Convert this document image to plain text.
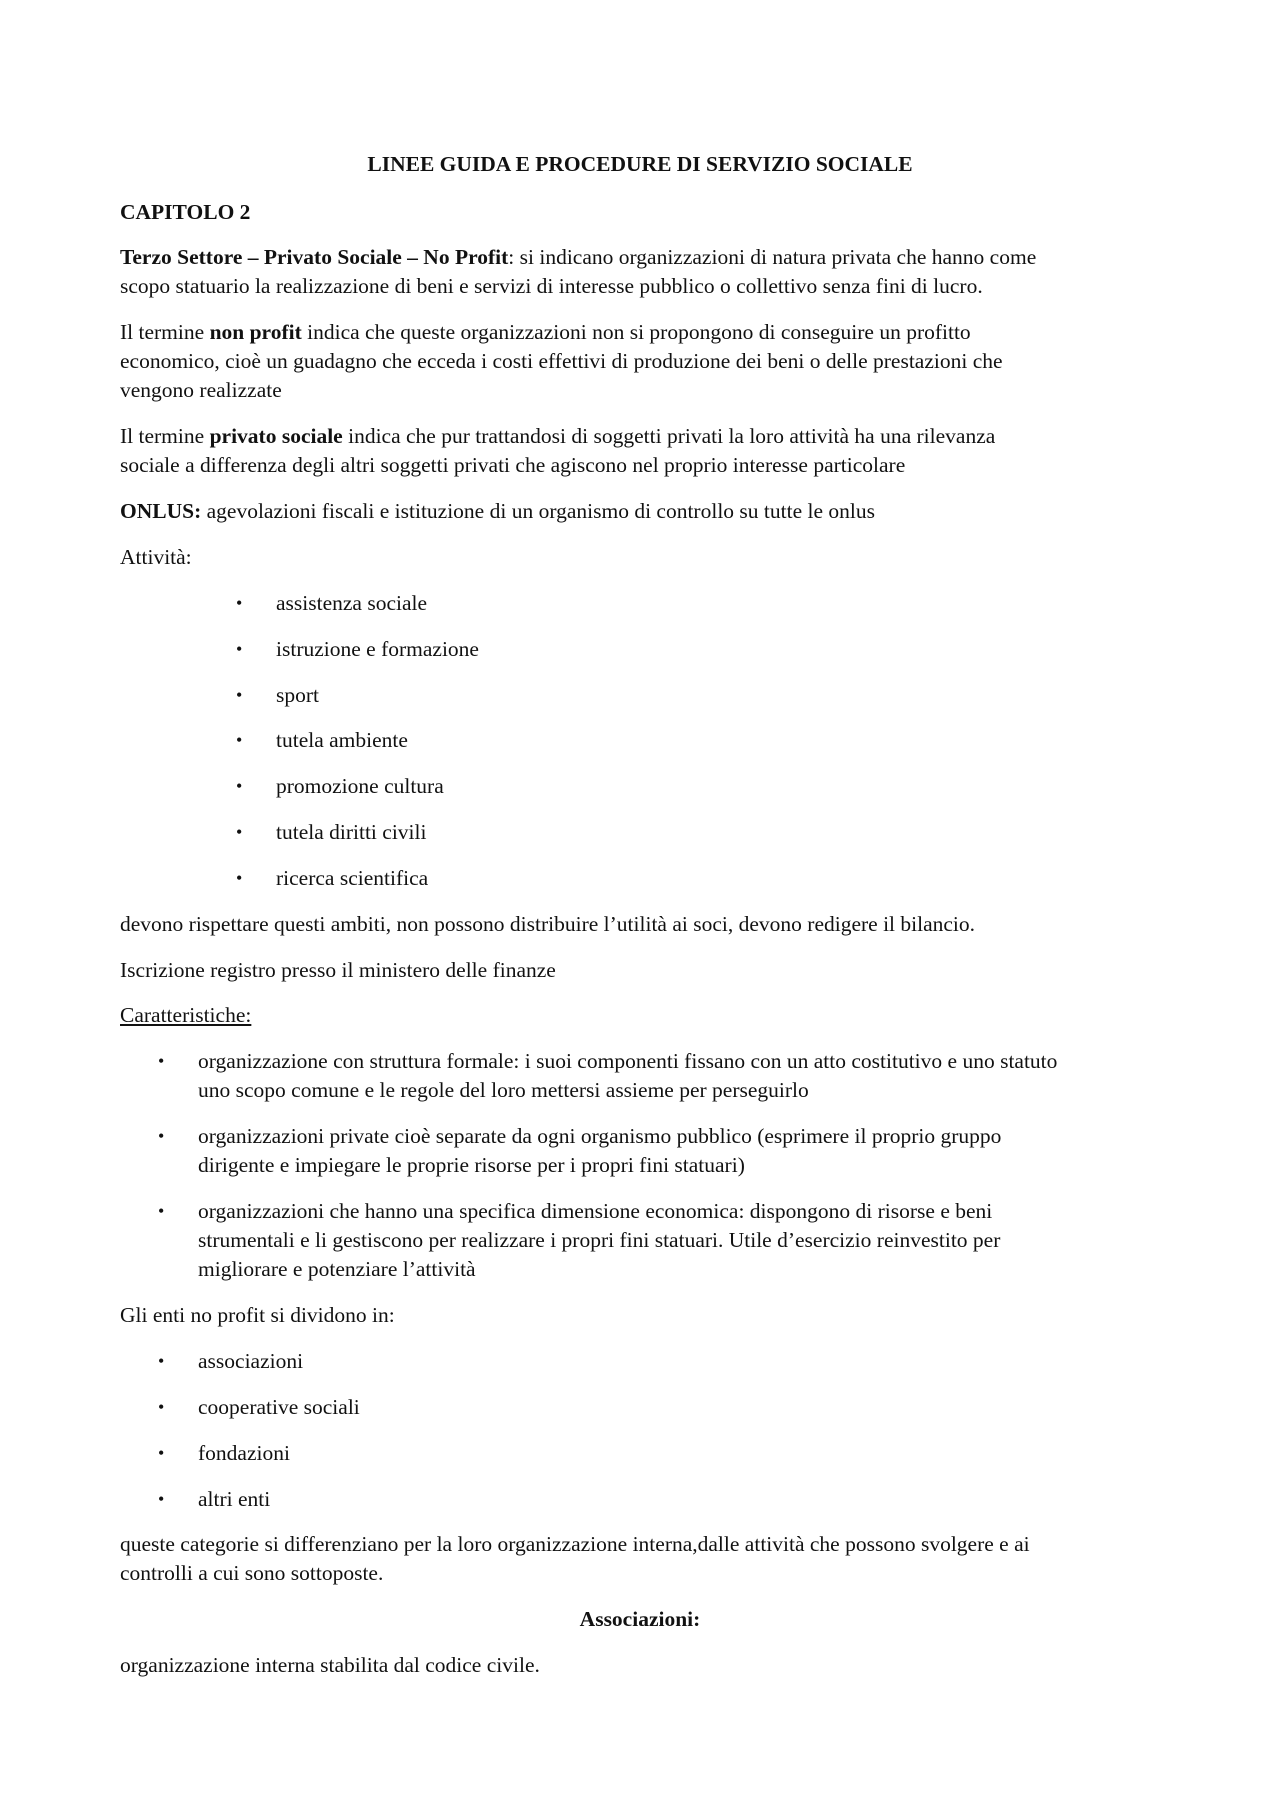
LINEE GUIDA E PROCEDURE DI SERVIZIO SOCIALE

CAPITOLO 2

Terzo Settore – Privato Sociale – No Profit: si indicano organizzazioni di natura privata che hanno come

scopo statuario la realizzazione di beni e servizi di interesse pubblico o collettivo senza fini di lucro.

Il termine non profit indica che queste organizzazioni non si propongono di conseguire un profitto

economico, cioè un guadagno che ecceda i costi effettivi di produzione dei beni o delle prestazioni che

vengono realizzate

Il termine privato sociale indica che pur trattandosi di soggetti privati la loro attività ha una rilevanza

sociale a differenza degli altri soggetti privati che agiscono nel proprio interesse particolare

ONLUS: agevolazioni fiscali e istituzione di un organismo di controllo su tutte le onlus

Attività:

• assistenza sociale

• istruzione e formazione

• sport

• tutela ambiente

• promozione cultura

• tutela diritti civili

• ricerca scientifica

devono rispettare questi ambiti, non possono distribuire l’utilità ai soci, devono redigere il bilancio.

Iscrizione registro presso il ministero delle finanze

Caratteristiche:

• organizzazione con struttura formale: i suoi componenti fissano con un atto costitutivo e uno statuto

uno scopo comune e le regole del loro mettersi assieme per perseguirlo

• organizzazioni private cioè separate da ogni organismo pubblico (esprimere il proprio gruppo

dirigente e impiegare le proprie risorse per i propri fini statuari)

• organizzazioni che hanno una specifica dimensione economica: dispongono di risorse e beni

strumentali e li gestiscono per realizzare i propri fini statuari. Utile d’esercizio reinvestito per

migliorare e potenziare l’attività

Gli enti no profit si dividono in:

• associazioni

• cooperative sociali

• fondazioni

• altri enti

queste categorie si differenziano per la loro organizzazione interna,dalle attività che possono svolgere e ai

controlli a cui sono sottoposte.

Associazioni:

organizzazione interna stabilita dal codice civile.
